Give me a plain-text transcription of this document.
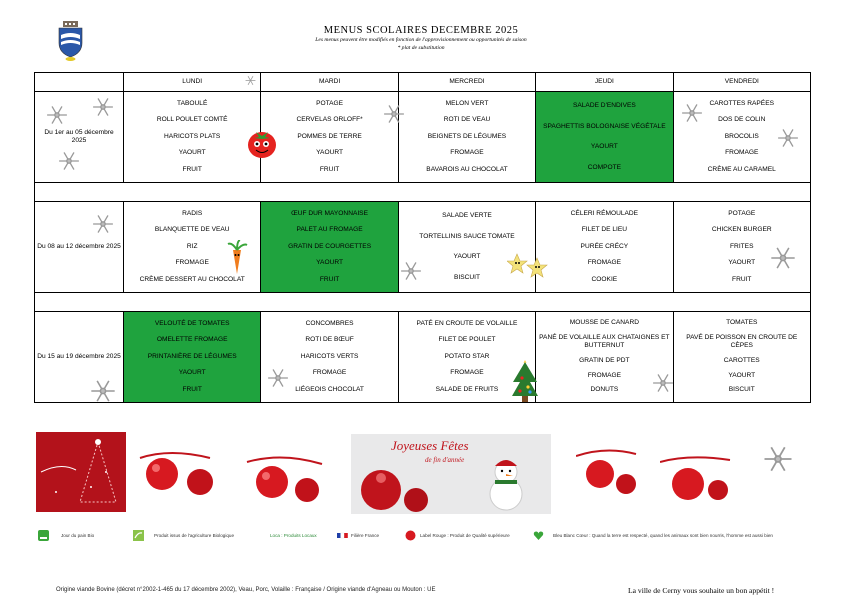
MENUS SCOLAIRES DECEMBRE 2025
Les menus peuvent être modifiés en fonction de l'approvisionnement ou opportunités de saison
* plat de substitution
	LUNDI	MARDI	MERCREDI	JEUDI	VENDREDI
Du 1er au 05 décembre 2025	TABOULÉ
ROLL POULET COMTÉ
HARICOTS PLATS
YAOURT
FRUIT	POTAGE
CERVELAS ORLOFF*
POMMES DE TERRE
YAOURT
FRUIT	MELON VERT
ROTI DE VEAU
BEIGNETS DE LÉGUMES
FROMAGE
BAVAROIS AU CHOCOLAT	SALADE D'ENDIVES
SPAGHETTIS BOLOGNAISE VÉGÉTALE
YAOURT
COMPOTE	CAROTTES RAPÉES
DOS DE COLIN
BROCOLIS
FROMAGE
CRÈME AU CARAMEL

Du 08 au 12 décembre 2025	RADIS
BLANQUETTE DE VEAU
RIZ
FROMAGE
CRÈME DESSERT AU CHOCOLAT	ŒUF DUR MAYONNAISE
PALET AU FROMAGE
GRATIN DE COURGETTES
YAOURT
FRUIT	SALADE VERTE
TORTELLINIS SAUCE TOMATE
YAOURT
BISCUIT	CÉLERI RÉMOULADE
FILET DE LIEU
PURÉE CRÉCY
FROMAGE
COOKIE	POTAGE
CHICKEN BURGER
FRITES
YAOURT
FRUIT

Du 15 au 19 décembre 2025	VELOUTÉ DE TOMATES
OMELETTE FROMAGE
PRINTANIÈRE DE LÉGUMES
YAOURT
FRUIT	CONCOMBRES
ROTI DE BŒUF
HARICOTS VERTS
FROMAGE
LIÉGEOIS CHOCOLAT	PATÉ EN CROUTE DE VOLAILLE
FILET DE POULET
POTATO STAR
FROMAGE
SALADE DE FRUITS	MOUSSE DE CANARD
PANÉ DE VOLAILLE AUX CHATAIGNES ET BUTTERNUT
GRATIN DE PDT
FROMAGE
DONUTS	TOMATES
PAVÉ DE POISSON EN CROUTE DE CÈPES
CAROTTES
YAOURT
BISCUIT
Joyeuses Fêtes
de fin d'année
Jour du pain Bio	Produit issus de l'agriculture Biologique	Loca : Produits Locaux	Filière France	Label Rouge : Produit de Qualité supérieure	Bleu Blanc Cœur : Quand la terre est respecté, quand les animaux sont bien nourris, l'homme est aussi bien
Origine viande Bovine (décret n°2002-1-465 du 17 décembre 2002), Veau, Porc, Volaille : Française / Origine viande d'Agneau ou Mouton : UE	La ville de Cerny vous souhaite un bon appétit !
